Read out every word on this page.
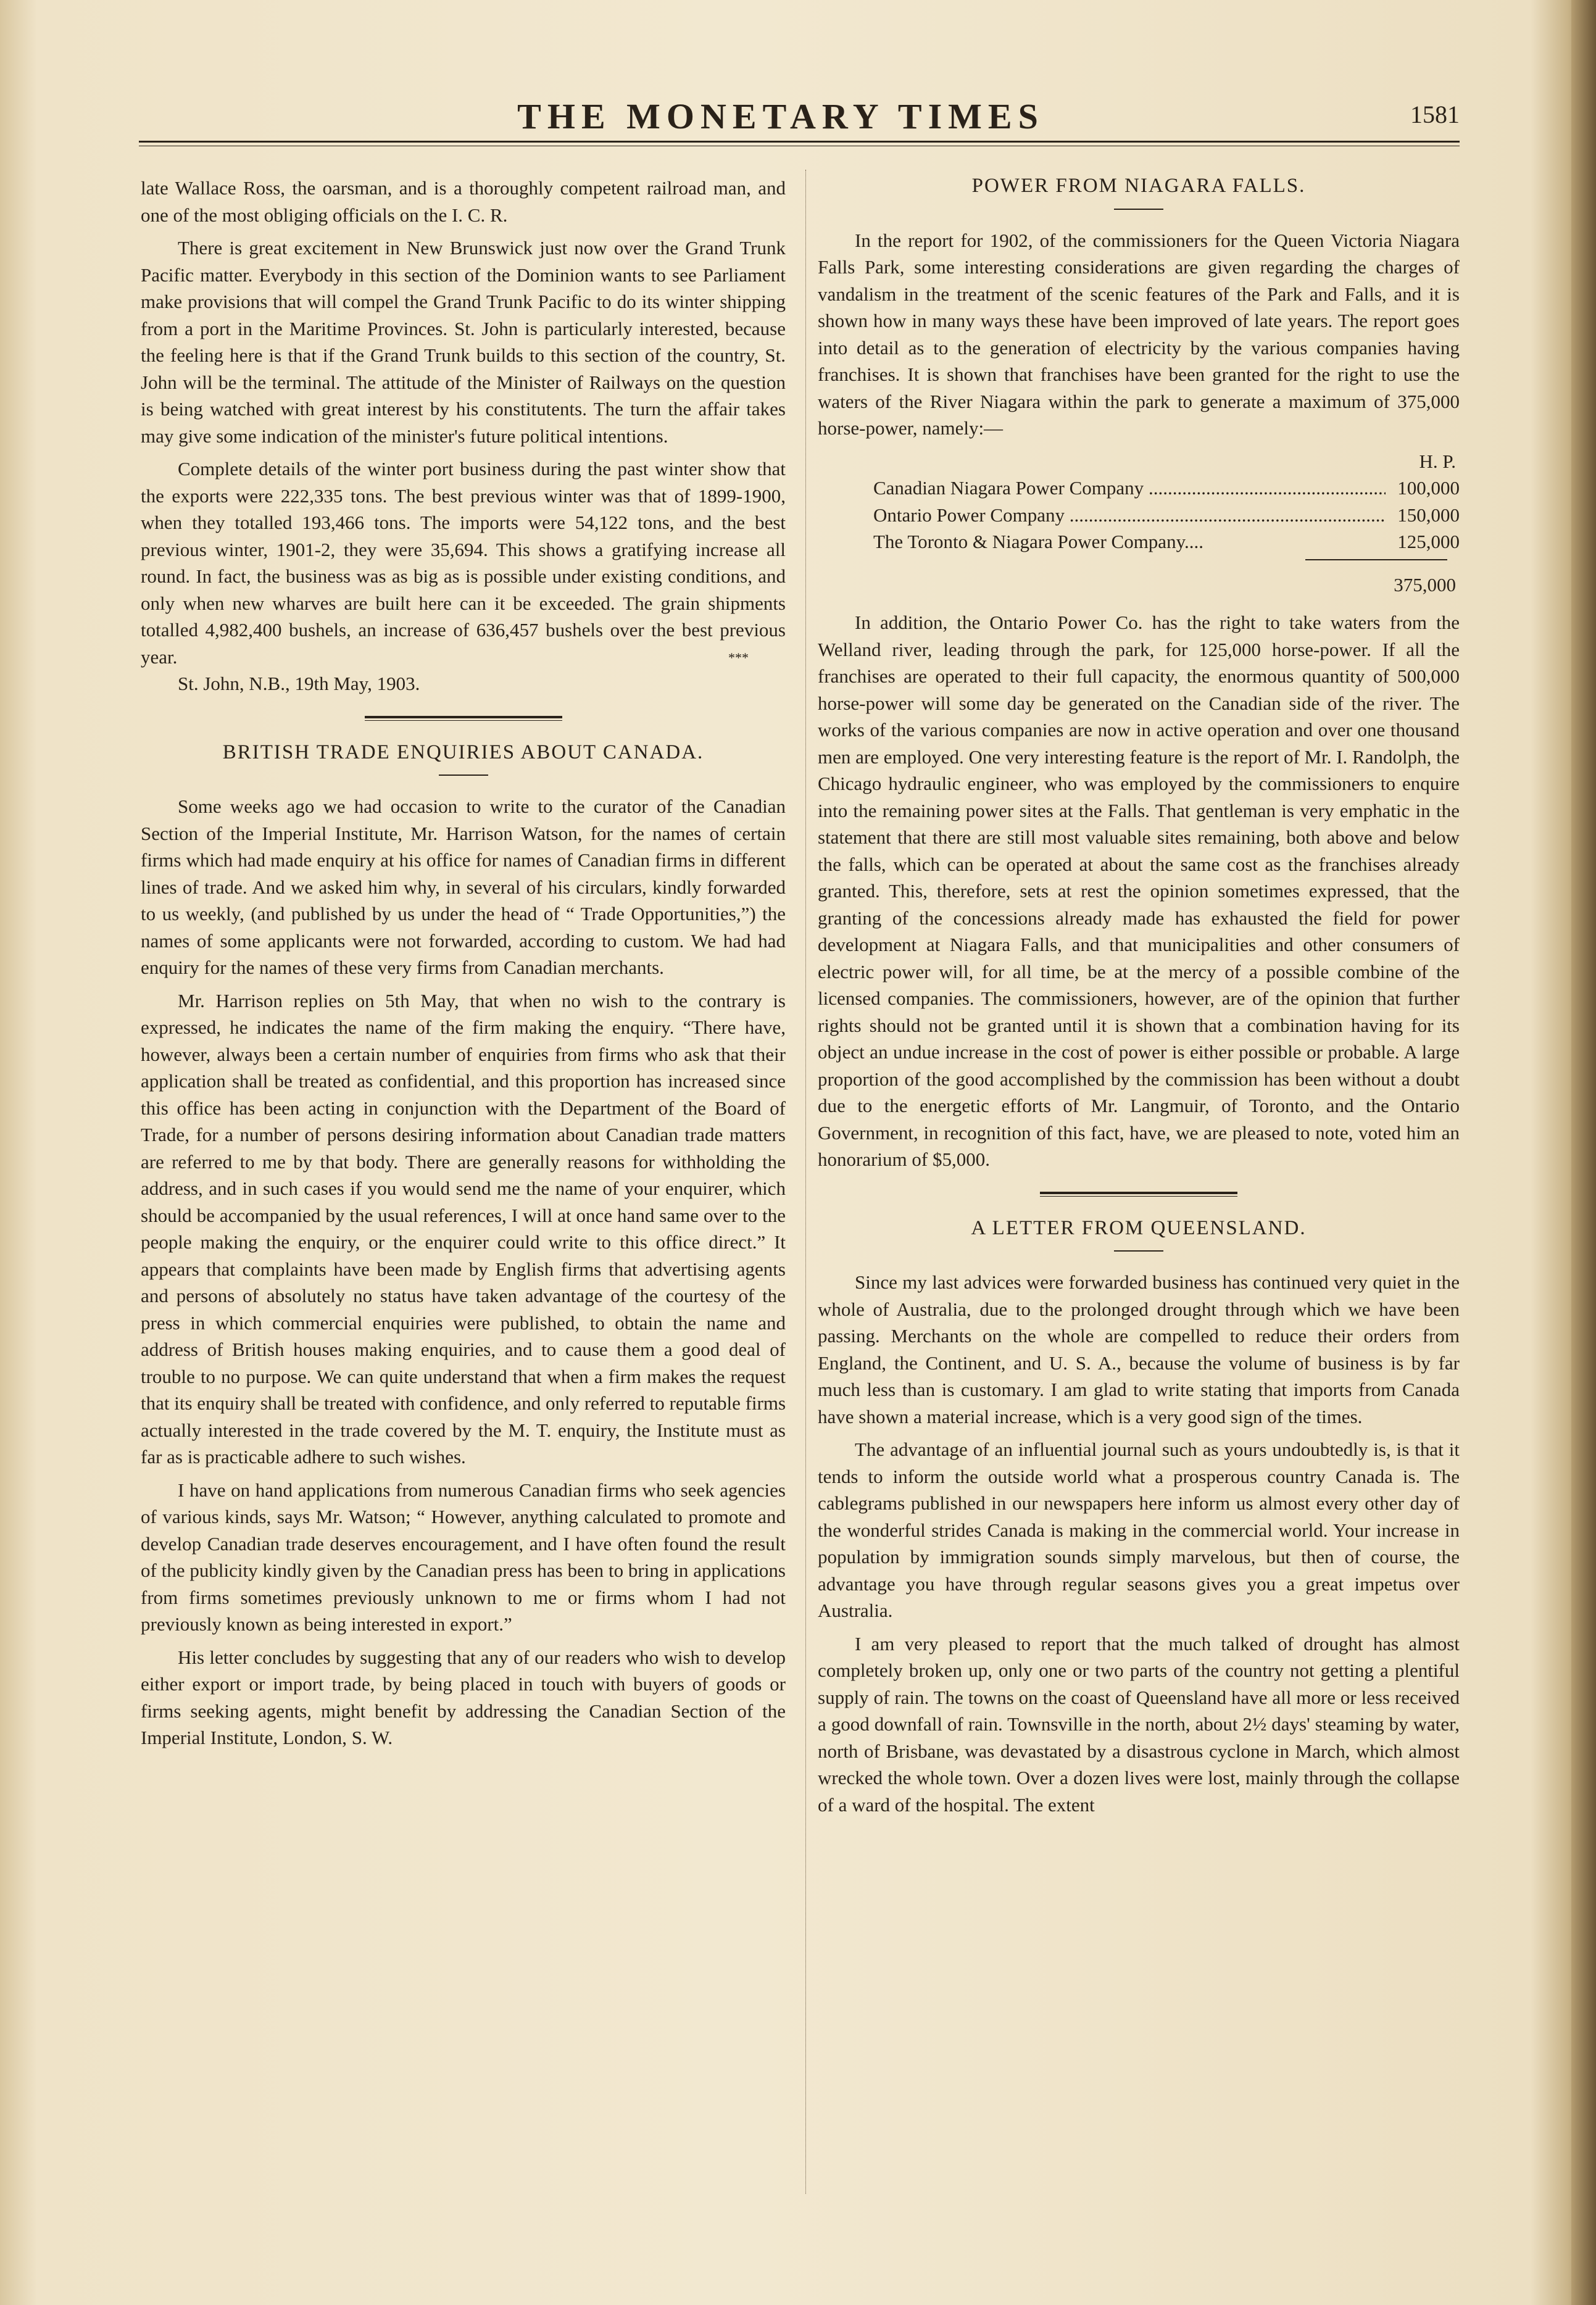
THE MONETARY TIMES	1581

late Wallace Ross, the oarsman, and is a thoroughly competent railroad man, and one of the most obliging officials on the I. C. R.

There is great excitement in New Brunswick just now over the Grand Trunk Pacific matter. Everybody in this section of the Dominion wants to see Parliament make provisions that will compel the Grand Trunk Pacific to do its winter shipping from a port in the Maritime Provinces. St. John is particularly interested, because the feeling here is that if the Grand Trunk builds to this section of the country, St. John will be the terminal. The attitude of the Minister of Railways on the question is being watched with great interest by his constitutents. The turn the affair takes may give some indication of the minister's future political intentions.

Complete details of the winter port business during the past winter show that the exports were 222,335 tons. The best previous winter was that of 1899-1900, when they totalled 193,466 tons. The imports were 54,122 tons, and the best previous winter, 1901-2, they were 35,694. This shows a gratifying increase all round. In fact, the business was as big as is possible under existing conditions, and only when new wharves are built here can it be exceeded. The grain shipments totalled 4,982,400 bushels, an increase of 636,457 bushels over the best previous year.	***

St. John, N.B., 19th May, 1903.

BRITISH TRADE ENQUIRIES ABOUT CANADA.

Some weeks ago we had occasion to write to the curator of the Canadian Section of the Imperial Institute, Mr. Harrison Watson, for the names of certain firms which had made enquiry at his office for names of Canadian firms in different lines of trade. And we asked him why, in several of his circulars, kindly forwarded to us weekly, (and published by us under the head of “ Trade Opportunities,”) the names of some applicants were not forwarded, according to custom. We had had enquiry for the names of these very firms from Canadian merchants.

Mr. Harrison replies on 5th May, that when no wish to the contrary is expressed, he indicates the name of the firm making the enquiry. “There have, however, always been a certain number of enquiries from firms who ask that their application shall be treated as confidential, and this proportion has increased since this office has been acting in conjunction with the Department of the Board of Trade, for a number of persons desiring information about Canadian trade matters are referred to me by that body. There are generally reasons for withholding the address, and in such cases if you would send me the name of your enquirer, which should be accompanied by the usual references, I will at once hand same over to the people making the enquiry, or the enquirer could write to this office direct.” It appears that complaints have been made by English firms that advertising agents and persons of absolutely no status have taken advantage of the courtesy of the press in which commercial enquiries were published, to obtain the name and address of British houses making enquiries, and to cause them a good deal of trouble to no purpose. We can quite understand that when a firm makes the request that its enquiry shall be treated with confidence, and only referred to reputable firms actually interested in the trade covered by the M. T. enquiry, the Institute must as far as is practicable adhere to such wishes.

I have on hand applications from numerous Canadian firms who seek agencies of various kinds, says Mr. Watson; “ However, anything calculated to promote and develop Canadian trade deserves encouragement, and I have often found the result of the publicity kindly given by the Canadian press has been to bring in applications from firms sometimes previously unknown to me or firms whom I had not previously known as being interested in export.”

His letter concludes by suggesting that any of our readers who wish to develop either export or import trade, by being placed in touch with buyers of goods or firms seeking agents, might benefit by addressing the Canadian Section of the Imperial Institute, London, S. W.

POWER FROM NIAGARA FALLS.

In the report for 1902, of the commissioners for the Queen Victoria Niagara Falls Park, some interesting considerations are given regarding the charges of vandalism in the treatment of the scenic features of the Park and Falls, and it is shown how in many ways these have been improved of late years. The report goes into detail as to the generation of electricity by the various companies having franchises. It is shown that franchises have been granted for the right to use the waters of the River Niagara within the park to generate a maximum of 375,000 horse-power, namely:—

H. P.
Canadian Niagara Power Company .....	100,000
Ontario Power Company .....	150,000
The Toronto & Niagara Power Company....	125,000
375,000

In addition, the Ontario Power Co. has the right to take waters from the Welland river, leading through the park, for 125,000 horse-power. If all the franchises are operated to their full capacity, the enormous quantity of 500,000 horse-power will some day be generated on the Canadian side of the river. The works of the various companies are now in active operation and over one thousand men are employed. One very interesting feature is the report of Mr. I. Randolph, the Chicago hydraulic engineer, who was employed by the commissioners to enquire into the remaining power sites at the Falls. That gentleman is very emphatic in the statement that there are still most valuable sites remaining, both above and below the falls, which can be operated at about the same cost as the franchises already granted. This, therefore, sets at rest the opinion sometimes expressed, that the granting of the concessions already made has exhausted the field for power development at Niagara Falls, and that municipalities and other consumers of electric power will, for all time, be at the mercy of a possible combine of the licensed companies. The commissioners, however, are of the opinion that further rights should not be granted until it is shown that a combination having for its object an undue increase in the cost of power is either possible or probable. A large proportion of the good accomplished by the commission has been without a doubt due to the energetic efforts of Mr. Langmuir, of Toronto, and the Ontario Government, in recognition of this fact, have, we are pleased to note, voted him an honorarium of $5,000.

A LETTER FROM QUEENSLAND.

Since my last advices were forwarded business has continued very quiet in the whole of Australia, due to the prolonged drought through which we have been passing. Merchants on the whole are compelled to reduce their orders from England, the Continent, and U. S. A., because the volume of business is by far much less than is customary. I am glad to write stating that imports from Canada have shown a material increase, which is a very good sign of the times.

The advantage of an influential journal such as yours undoubtedly is, is that it tends to inform the outside world what a prosperous country Canada is. The cablegrams published in our newspapers here inform us almost every other day of the wonderful strides Canada is making in the commercial world. Your increase in population by immigration sounds simply marvelous, but then of course, the advantage you have through regular seasons gives you a great impetus over Australia.

I am very pleased to report that the much talked of drought has almost completely broken up, only one or two parts of the country not getting a plentiful supply of rain. The towns on the coast of Queensland have all more or less received a good downfall of rain. Townsville in the north, about 2½ days' steaming by water, north of Brisbane, was devastated by a disastrous cyclone in March, which almost wrecked the whole town. Over a dozen lives were lost, mainly through the collapse of a ward of the hospital. The extent
